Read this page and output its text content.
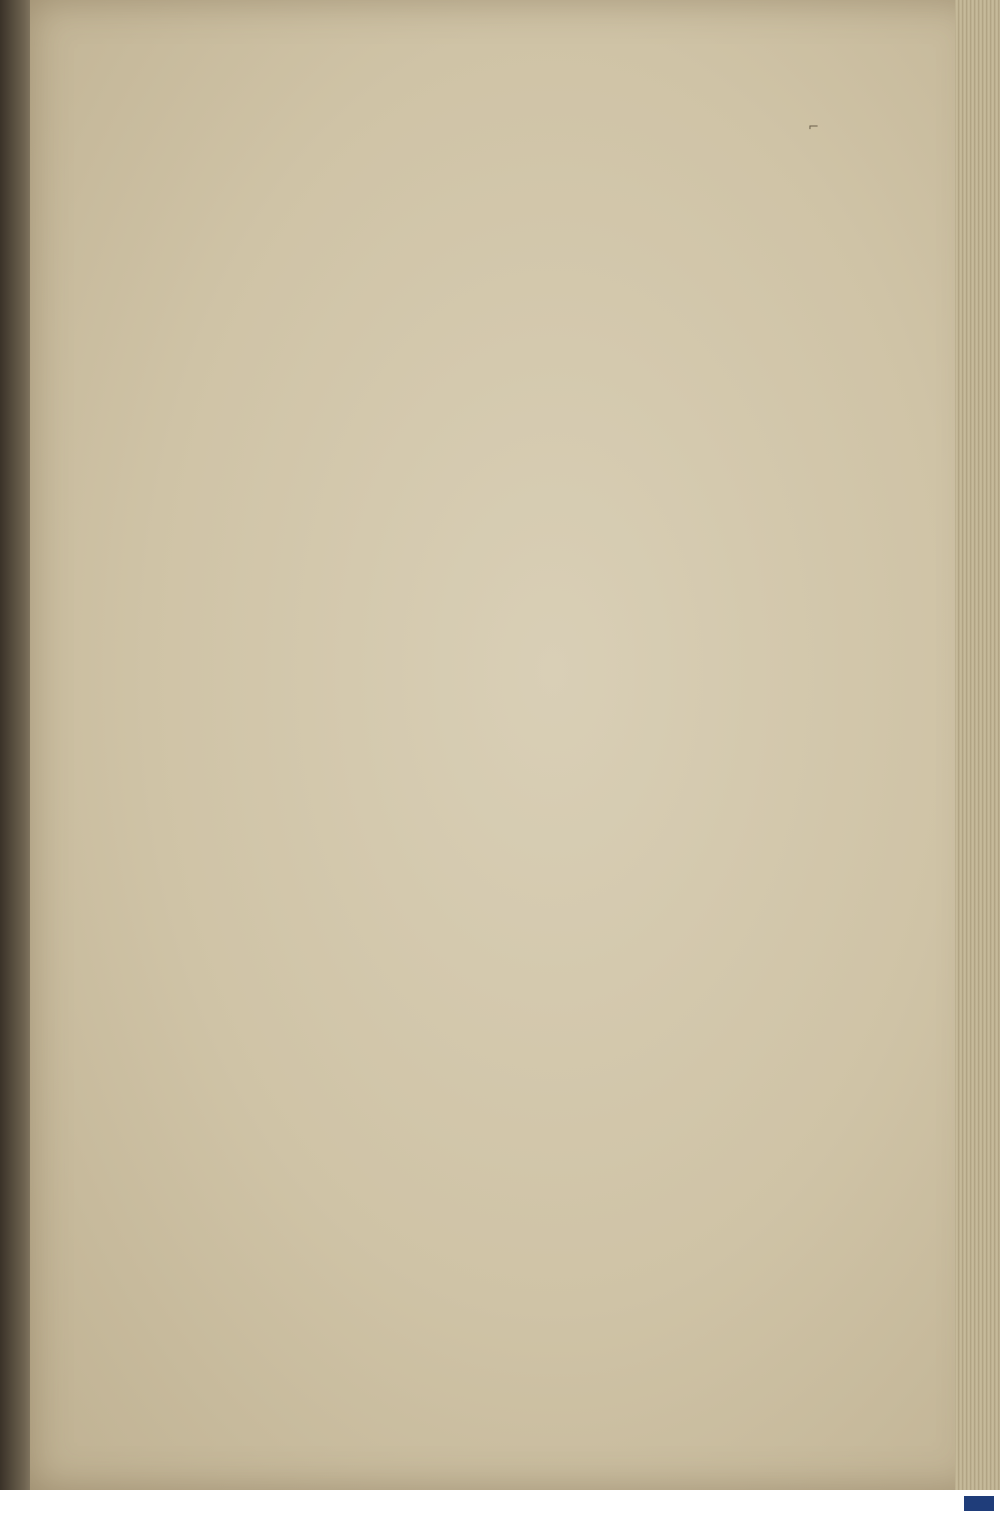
⌐
